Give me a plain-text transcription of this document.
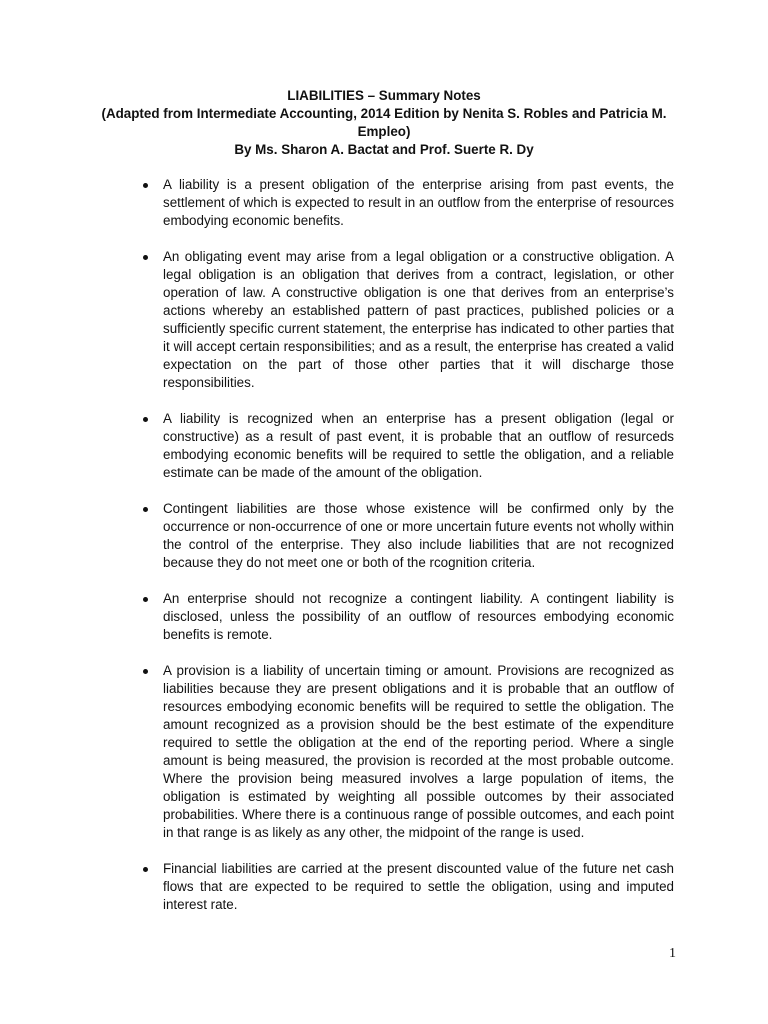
LIABILITIES – Summary Notes
(Adapted from Intermediate Accounting, 2014 Edition by Nenita S. Robles and Patricia M.
Empleo)
By Ms. Sharon A. Bactat and Prof. Suerte R. Dy
A liability is a present obligation of the enterprise arising from past events, the settlement of which is expected to result in an outflow from the enterprise of resources embodying economic benefits.
An obligating event may arise from a legal obligation or a constructive obligation. A legal obligation is an obligation that derives from a contract, legislation, or other operation of law. A constructive obligation is one that derives from an enterprise’s actions whereby an established pattern of past practices, published policies or a sufficiently specific current statement, the enterprise has indicated to other parties that it will accept certain responsibilities; and as a result, the enterprise has created a valid expectation on the part of those other parties that it will discharge those responsibilities.
A liability is recognized when an enterprise has a present obligation (legal or constructive) as a result of past event, it is probable that an outflow of resurceds embodying economic benefits will be required to settle the obligation, and a reliable estimate can be made of the amount of the obligation.
Contingent liabilities are those whose existence will be confirmed only by the occurrence or non-occurrence of one or more uncertain future events not wholly within the control of the enterprise. They also include liabilities that are not recognized because they do not meet one or both of the rcognition criteria.
An enterprise should not recognize a contingent liability. A contingent liability is disclosed, unless the possibility of an outflow of resources embodying economic benefits is remote.
A provision is a liability of uncertain timing or amount. Provisions are recognized as liabilities because they are present obligations and it is probable that an outflow of resources embodying economic benefits will be required to settle the obligation. The amount recognized as a provision should be the best estimate of the expenditure required to settle the obligation at the end of the reporting period. Where a single amount is being measured, the provision is recorded at the most probable outcome. Where the provision being measured involves a large population of items, the obligation is estimated by weighting all possible outcomes by their associated probabilities. Where there is a continuous range of possible outcomes, and each point in that range is as likely as any other, the midpoint of the range is used.
Financial liabilities are carried at the present discounted value of the future net cash flows that are expected to be required to settle the obligation, using and imputed interest rate.
1
